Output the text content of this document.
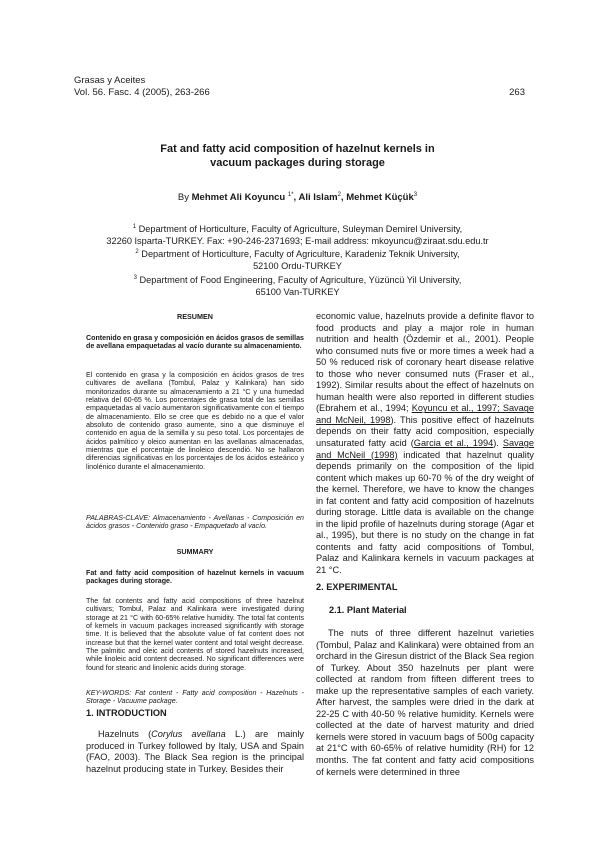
Grasas y Aceites
Vol. 56. Fasc. 4 (2005), 263-266	263
Fat and fatty acid composition of hazelnut kernels in
vacuum packages during storage
By Mehmet Ali Koyuncu $^{1*}$, Ali Islam$^2$, Mehmet Küçük$^3$
$^1$ Department of Horticulture, Faculty of Agriculture, Suleyman Demirel University,
32260 Isparta-TURKEY. Fax: +90-246-2371693; E-mail address: mkoyuncu@ziraat.sdu.edu.tr
$^2$ Department of Horticulture, Faculty of Agriculture, Karadeniz Teknik University,
52100 Ordu-TURKEY
$^3$ Department of Food Engineering, Faculty of Agriculture, Yüzüncü Yil University,
65100 Van-TURKEY
RESUMEN
Contenido en grasa y composición en ácidos grasos de semillas de avellana empaquetadas al vacío durante su almacenamiento.
El contenido en grasa y la composición en ácidos grasos de tres cultivares de avellana (Tombul, Palaz y Kalinkara) han sido monitorizados durante su almacenamiento a 21 °C y una humedad relativa del 60-65 %. Los porcentajes de grasa total de las semillas empaquetadas al vacío aumentaron significativamente con el tiempo de almacenamiento. Ello se cree que es debido no a que el valor absoluto de contenido graso aumente, sino a que disminuye el contenido en agua de la semilla y su peso total. Los porcentajes de ácidos palmítico y oleico aumentan en las avellanas almacenadas, mientras que el porcentaje de linoleico descendió. No se hallaron diferencias significativas en los porcentajes de los ácidos esteárico y linolénico durante el almacenamiento.
PALABRAS-CLAVE: Almacenamiento - Avellanas - Composición en ácidos grasos - Contenido graso - Empaquetado al vacío.
SUMMARY
Fat and fatty acid composition of hazelnut kernels in vacuum packages during storage.
The fat contents and fatty acid compositions of three hazelnut cultivars; Tombul, Palaz and Kalinkara were investigated during storage at 21 °C with 60-65% relative humidity. The total fat contents of kernels in vacuum packages increased significantly with storage time. It is believed that the absolute value of fat content does not increase but that the kernel water content and total weight decrease. The palmitic and oleic acid contents of stored hazelnuts increased, while linoleic acid content decreased. No significant differences were found for stearic and linolenic acids during storage.
KEY-WORDS: Fat content - Fatty acid composition - Hazelnuts - Storage - Vacuume package.
1. INTRODUCTION
Hazelnuts (Corylus avellana L.) are mainly produced in Turkey followed by Italy, USA and Spain (FAO, 2003). The Black Sea region is the principal hazelnut producing state in Turkey. Besides their
economic value, hazelnuts provide a definite flavor to food products and play a major role in human nutrition and health (Özdemir et al., 2001). People who consumed nuts five or more times a week had a 50 % reduced risk of coronary heart disease relative to those who never consumed nuts (Fraser et al., 1992). Similar results about the effect of hazelnuts on human health were also reported in different studies (Ebrahem et al., 1994; Koyuncu et al., 1997; Savage and McNeil, 1998). This positive effect of hazelnuts depends on their fatty acid composition, especially unsaturated fatty acid (Garcia et al., 1994). Savage and McNeil (1998) indicated that hazelnut quality depends primarily on the composition of the lipid content which makes up 60-70 % of the dry weight of the kernel. Therefore, we have to know the changes in fat content and fatty acid composition of hazelnuts during storage. Little data is available on the change in the lipid profile of hazelnuts during storage (Agar et al., 1995), but there is no study on the change in fat contents and fatty acid compositions of Tombul, Palaz and Kalinkara kernels in vacuum packages at 21 °C.
2. EXPERIMENTAL
2.1. Plant Material
The nuts of three different hazelnut varieties (Tombul, Palaz and Kalinkara) were obtained from an orchard in the Giresun district of the Black Sea region of Turkey. About 350 hazelnuts per plant were collected at random from fifteen different trees to make up the representative samples of each variety. After harvest, the samples were dried in the dark at 22-25 C with 40-50 % relative humidity. Kernels were collected at the date of harvest maturity and dried kernels were stored in vacuum bags of 500g capacity at 21°C with 60-65% of relative humidity (RH) for 12 months. The fat content and fatty acid compositions of kernels were determined in three
